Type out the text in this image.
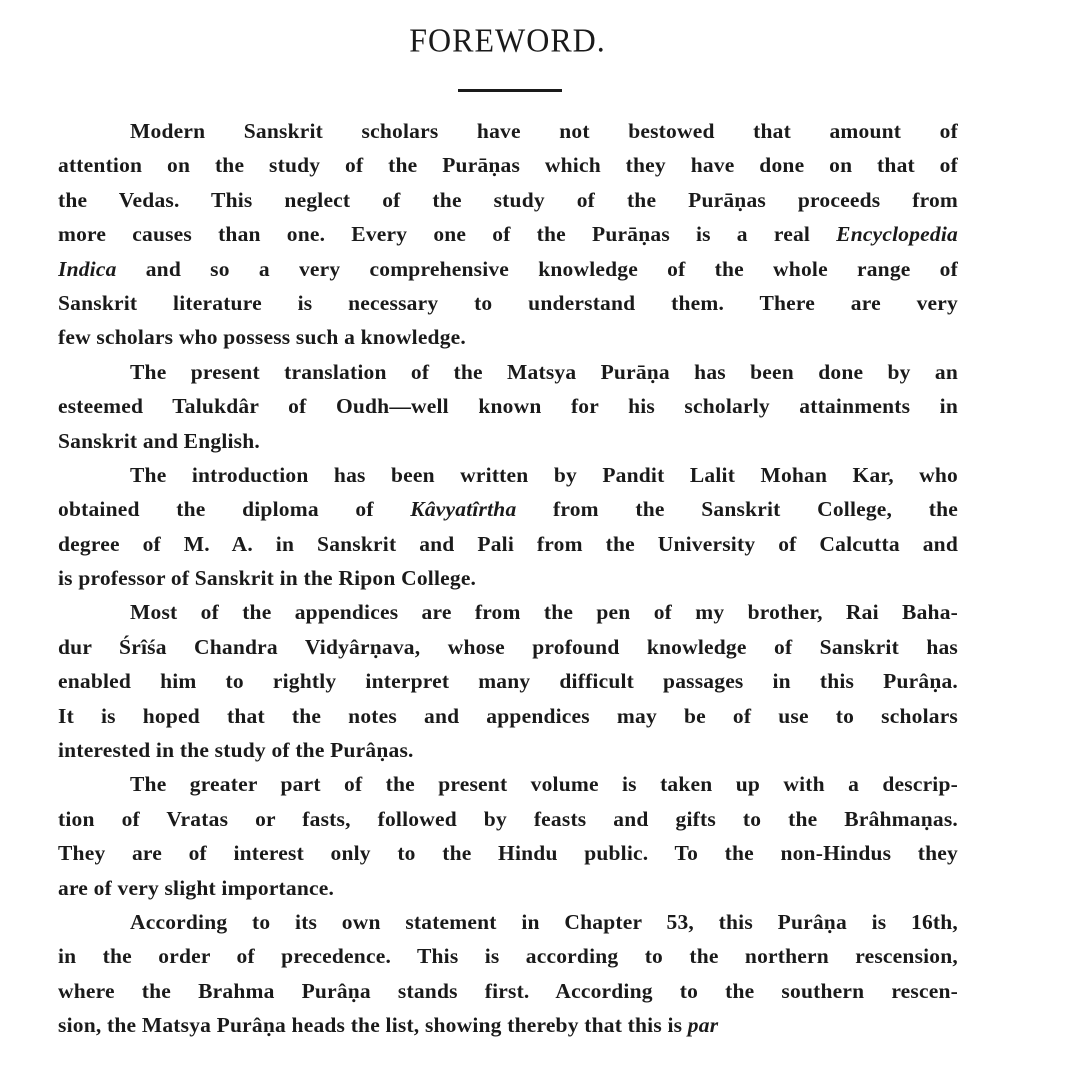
FOREWORD.
Modern Sanskrit scholars have not bestowed that amount of
attention on the study of the Purāṇas which they have done on that of
the Vedas. This neglect of the study of the Purāṇas proceeds from
more causes than one. Every one of the Purāṇas is a real Encyclopedia
Indica and so a very comprehensive knowledge of the whole range of
Sanskrit literature is necessary to understand them. There are very
few scholars who possess such a knowledge.
The present translation of the Matsya Purāṇa has been done by an
esteemed Talukdâr of Oudh—well known for his scholarly attainments in
Sanskrit and English.
The introduction has been written by Pandit Lalit Mohan Kar, who
obtained the diploma of Kâvyatîrtha from the Sanskrit College, the
degree of M. A. in Sanskrit and Pali from the University of Calcutta and
is professor of Sanskrit in the Ripon College.
Most of the appendices are from the pen of my brother, Rai Baha-
dur Śrîśa Chandra Vidyârṇava, whose profound knowledge of Sanskrit has
enabled him to rightly interpret many difficult passages in this Purâṇa.
It is hoped that the notes and appendices may be of use to scholars
interested in the study of the Purâṇas.
The greater part of the present volume is taken up with a descrip-
tion of Vratas or fasts, followed by feasts and gifts to the Brâhmaṇas.
They are of interest only to the Hindu public. To the non-Hindus they
are of very slight importance.
According to its own statement in Chapter 53, this Purâṇa is 16th,
in the order of precedence. This is according to the northern rescension,
where the Brahma Purâṇa stands first. According to the southern rescen-
sion, the Matsya Purâṇa heads the list, showing thereby that this is par
